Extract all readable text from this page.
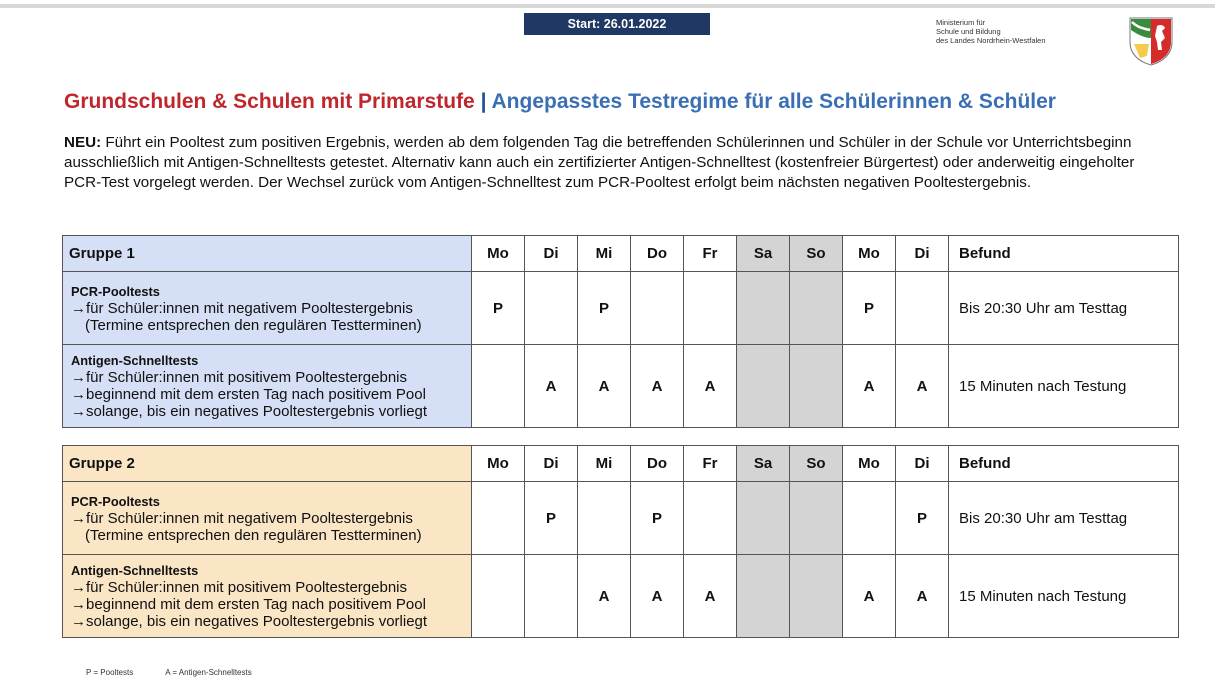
Start: 26.01.2022	Ministerium für
Schule und Bildung
des Landes Nordrhein-Westfalen
Grundschulen & Schulen mit Primarstufe | Angepasstes Testregime für alle Schülerinnen & Schüler
NEU: Führt ein Pooltest zum positiven Ergebnis, werden ab dem folgenden Tag die betreffenden Schülerinnen und Schüler in der Schule vor Unterrichtsbeginn ausschließlich mit Antigen-Schnelltests getestet. Alternativ kann auch ein zertifizierter Antigen-Schnelltest (kostenfreier Bürgertest) oder anderweitig eingeholter PCR-Test vorgelegt werden. Der Wechsel zurück vom Antigen-Schnelltest zum PCR-Pooltest erfolgt beim nächsten negativen Pooltestergebnis.
Gruppe 1	Mo	Di	Mi	Do	Fr	Sa	So	Mo	Di	Befund

PCR-Pooltests
→für Schüler:innen mit negativem Pooltestergebnis
(Termine entsprechen den regulären Testterminen)	P		P					P		Bis 20:30 Uhr am Testtag

Antigen-Schnelltests
→für Schüler:innen mit positivem Pooltestergebnis
→beginnend mit dem ersten Tag nach positivem Pool
→solange, bis ein negatives Pooltestergebnis vorliegt		A	A	A	A			A	A	15 Minuten nach Testung
Gruppe 2	Mo	Di	Mi	Do	Fr	Sa	So	Mo	Di	Befund

PCR-Pooltests
→für Schüler:innen mit negativem Pooltestergebnis
(Termine entsprechen den regulären Testterminen)		P		P					P	Bis 20:30 Uhr am Testtag

Antigen-Schnelltests
→für Schüler:innen mit positivem Pooltestergebnis
→beginnend mit dem ersten Tag nach positivem Pool
→solange, bis ein negatives Pooltestergebnis vorliegt			A	A	A			A	A	15 Minuten nach Testung
P = Pooltests	A = Antigen-Schnelltests
